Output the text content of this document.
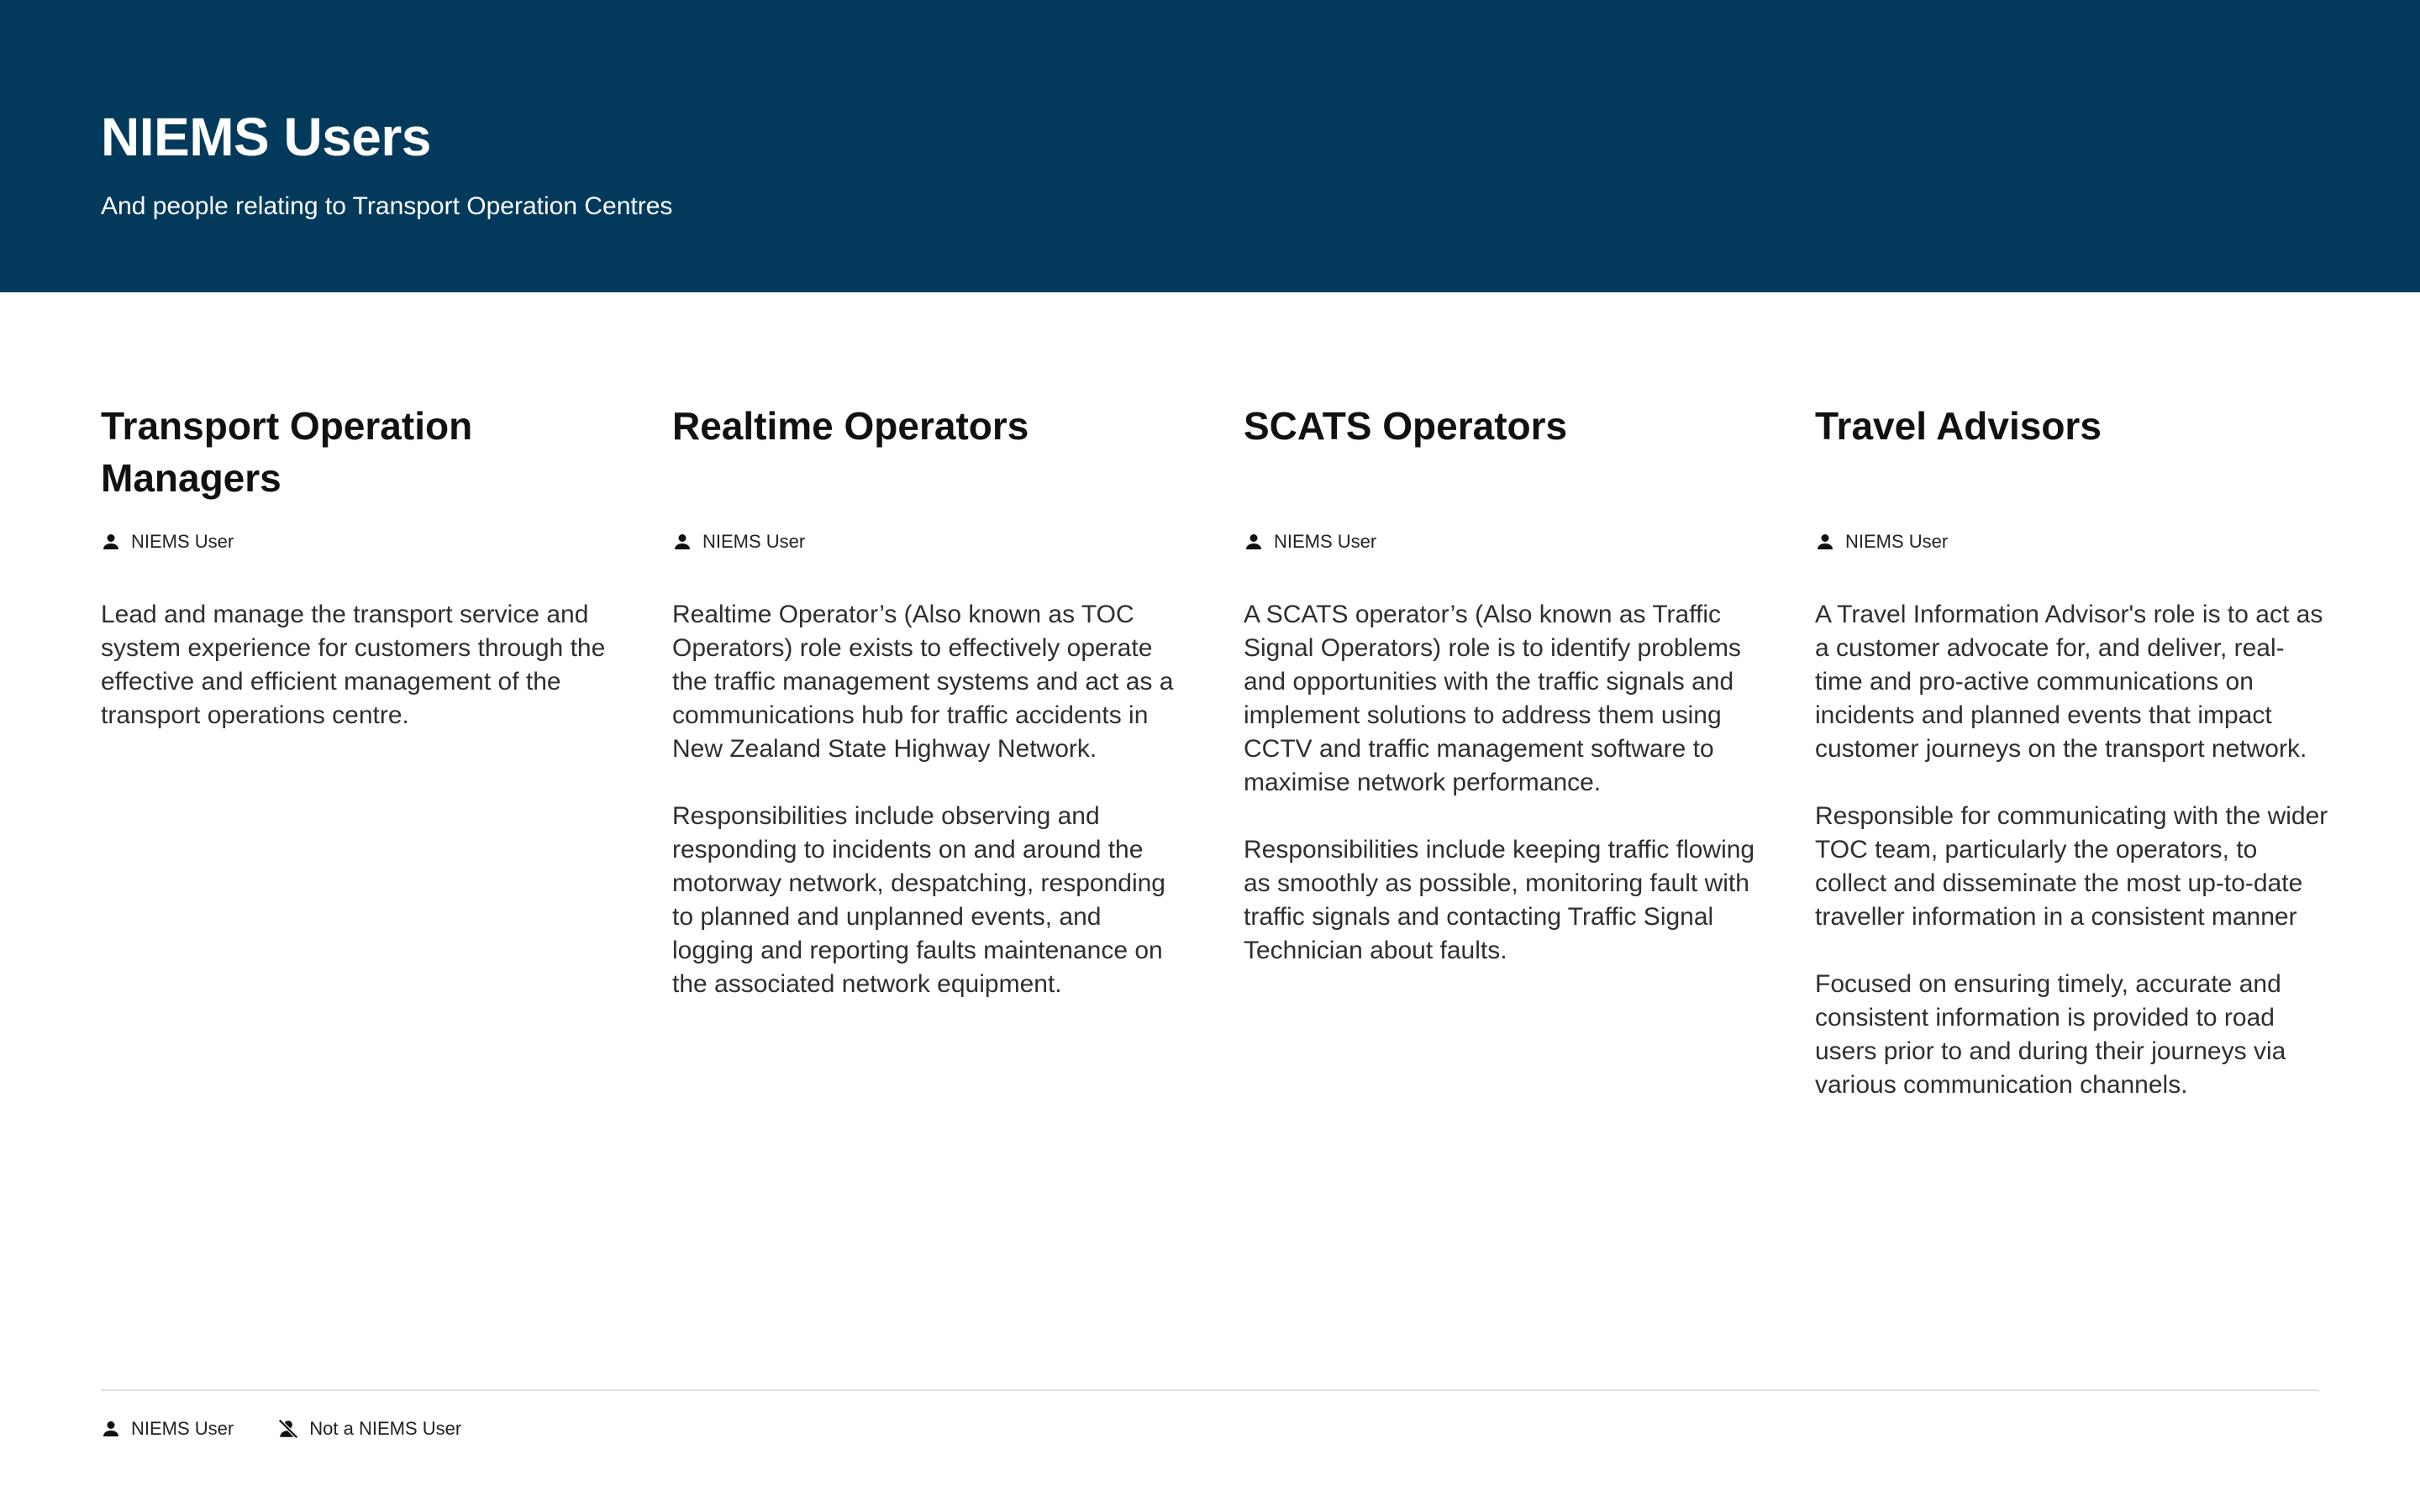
NIEMS Users

And people relating to Transport Operation Centres

Transport Operation Managers
NIEMS User

Lead and manage the transport service and system experience for customers through the effective and efficient management of the transport operations centre.

Realtime Operators
NIEMS User

Realtime Operator’s (Also known as TOC Operators) role exists to effectively operate the traffic management systems and act as a communications hub for traffic accidents in New Zealand State Highway Network.

Responsibilities include observing and responding to incidents on and around the motorway network, despatching, responding to planned and unplanned events, and logging and reporting faults maintenance on the associated network equipment.

SCATS Operators
NIEMS User

A SCATS operator’s (Also known as Traffic Signal Operators) role is to identify problems and opportunities with the traffic signals and implement solutions to address them using CCTV and traffic management software to maximise network performance.

Responsibilities include keeping traffic flowing as smoothly as possible, monitoring fault with traffic signals and contacting Traffic Signal Technician about faults.

Travel Advisors
NIEMS User

A Travel Information Advisor's role is to act as a customer advocate for, and deliver, real-time and pro-active communications on incidents and planned events that impact customer journeys on the transport network.

Responsible for communicating with the wider TOC team, particularly the operators, to collect and disseminate the most up-to-date traveller information in a consistent manner

Focused on ensuring timely, accurate and consistent information is provided to road users prior to and during their journeys via various communication channels.

NIEMS User	Not a NIEMS User
